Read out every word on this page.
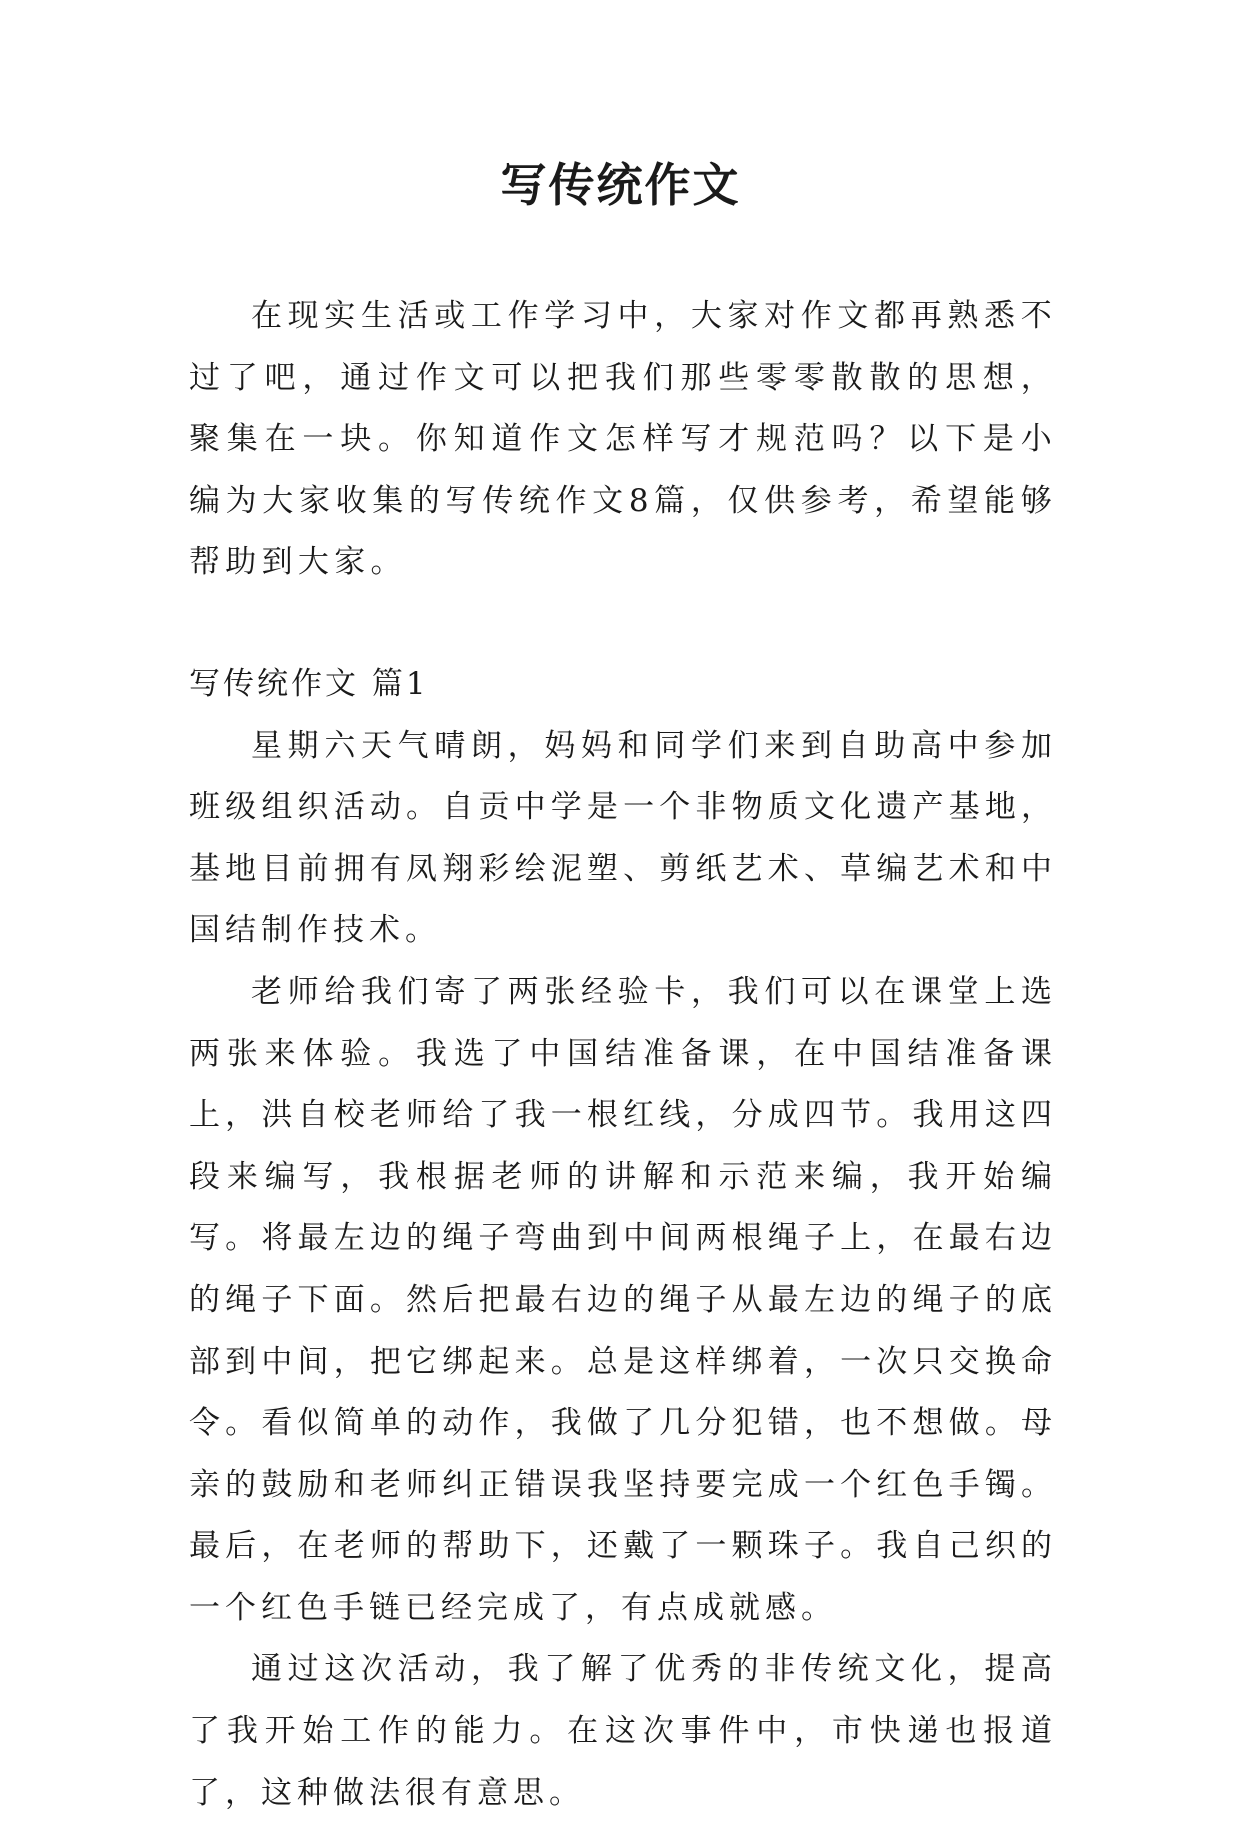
写传统作文

在现实生活或工作学习中，大家对作文都再熟悉不过了吧，通过作文可以把我们那些零零散散的思想，聚集在一块。你知道作文怎样写才规范吗？以下是小编为大家收集的写传统作文8篇，仅供参考，希望能够帮助到大家。

写传统作文 篇1

星期六天气晴朗，妈妈和同学们来到自助高中参加班级组织活动。自贡中学是一个非物质文化遗产基地，基地目前拥有凤翔彩绘泥塑、剪纸艺术、草编艺术和中国结制作技术。

老师给我们寄了两张经验卡，我们可以在课堂上选两张来体验。我选了中国结准备课，在中国结准备课上，洪自校老师给了我一根红线，分成四节。我用这四段来编写，我根据老师的讲解和示范来编，我开始编写。将最左边的绳子弯曲到中间两根绳子上，在最右边的绳子下面。然后把最右边的绳子从最左边的绳子的底部到中间，把它绑起来。总是这样绑着，一次只交换命令。看似简单的动作，我做了几分犯错，也不想做。母亲的鼓励和老师纠正错误我坚持要完成一个红色手镯。最后，在老师的帮助下，还戴了一颗珠子。我自己织的一个红色手链已经完成了，有点成就感。

通过这次活动，我了解了优秀的非传统文化，提高了我开始工作的能力。在这次事件中，市快递也报道了，这种做法很有意思。
